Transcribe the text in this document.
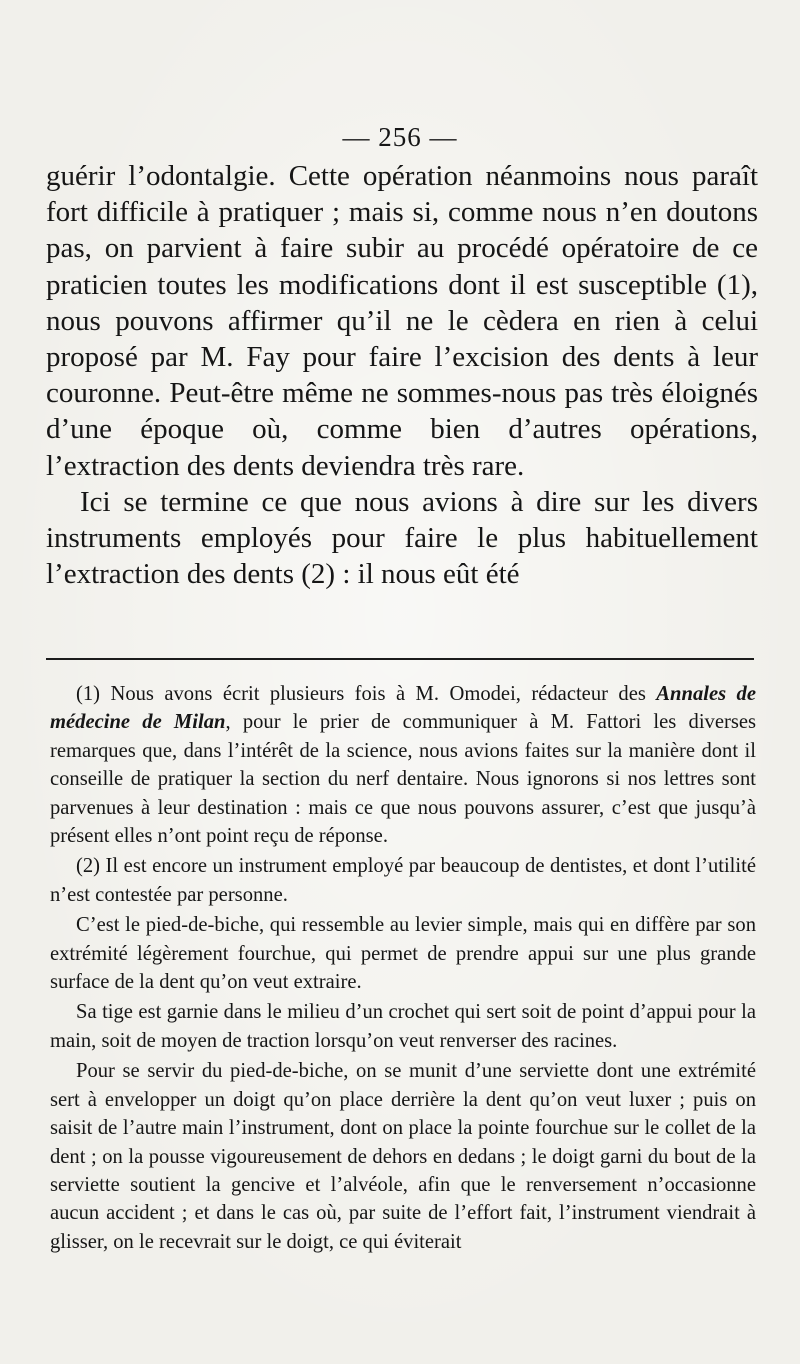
— 256 —

guérir l’odontalgie. Cette opération néanmoins nous paraît fort difficile à pratiquer ; mais si, comme nous n’en doutons pas, on parvient à faire subir au procédé opératoire de ce praticien toutes les modifications dont il est susceptible (1), nous pouvons affirmer qu’il ne le cèdera en rien à celui proposé par M. Fay pour faire l’excision des dents à leur couronne. Peut-être même ne sommes-nous pas très éloignés d’une époque où, comme bien d’autres opérations, l’extraction des dents deviendra très rare.

Ici se termine ce que nous avions à dire sur les divers instruments employés pour faire le plus habituellement l’extraction des dents (2) : il nous eût été

(1) Nous avons écrit plusieurs fois à M. Omodei, rédacteur des Annales de médecine de Milan, pour le prier de communiquer à M. Fattori les diverses remarques que, dans l’intérêt de la science, nous avions faites sur la manière dont il conseille de pratiquer la section du nerf dentaire. Nous ignorons si nos lettres sont parvenues à leur destination : mais ce que nous pouvons assurer, c’est que jusqu’à présent elles n’ont point reçu de réponse.

(2) Il est encore un instrument employé par beaucoup de dentistes, et dont l’utilité n’est contestée par personne.

C’est le pied-de-biche, qui ressemble au levier simple, mais qui en diffère par son extrémité légèrement fourchue, qui permet de prendre appui sur une plus grande surface de la dent qu’on veut extraire.

Sa tige est garnie dans le milieu d’un crochet qui sert soit de point d’appui pour la main, soit de moyen de traction lorsqu’on veut renverser des racines.

Pour se servir du pied-de-biche, on se munit d’une serviette dont une extrémité sert à envelopper un doigt qu’on place derrière la dent qu’on veut luxer ; puis on saisit de l’autre main l’instrument, dont on place la pointe fourchue sur le collet de la dent ; on la pousse vigoureusement de dehors en dedans ; le doigt garni du bout de la serviette soutient la gencive et l’alvéole, afin que le renversement n’occasionne aucun accident ; et dans le cas où, par suite de l’effort fait, l’instrument viendrait à glisser, on le recevrait sur le doigt, ce qui éviterait
